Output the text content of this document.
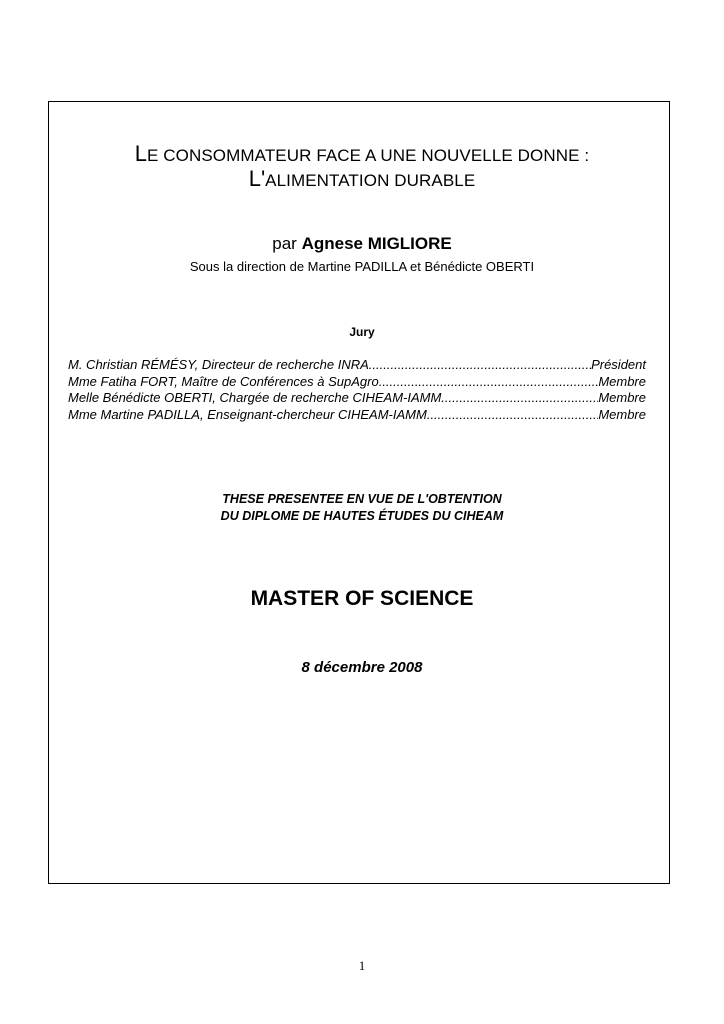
LE CONSOMMATEUR FACE A UNE NOUVELLE DONNE :
L'ALIMENTATION DURABLE
par Agnese MIGLIORE
Sous la direction de Martine PADILLA et Bénédicte OBERTI
Jury
M. Christian RÉMÉSY, Directeur de recherche INRA .....	Président
Mme Fatiha FORT, Maître de Conférences à SupAgro .....	Membre
Melle Bénédicte OBERTI, Chargée de recherche CIHEAM-IAMM .....	Membre
Mme Martine PADILLA, Enseignant-chercheur CIHEAM-IAMM .....	Membre
THESE PRESENTEE EN VUE DE L'OBTENTION
DU DIPLOME DE HAUTES ÉTUDES DU CIHEAM
MASTER OF SCIENCE
8 décembre 2008
1
